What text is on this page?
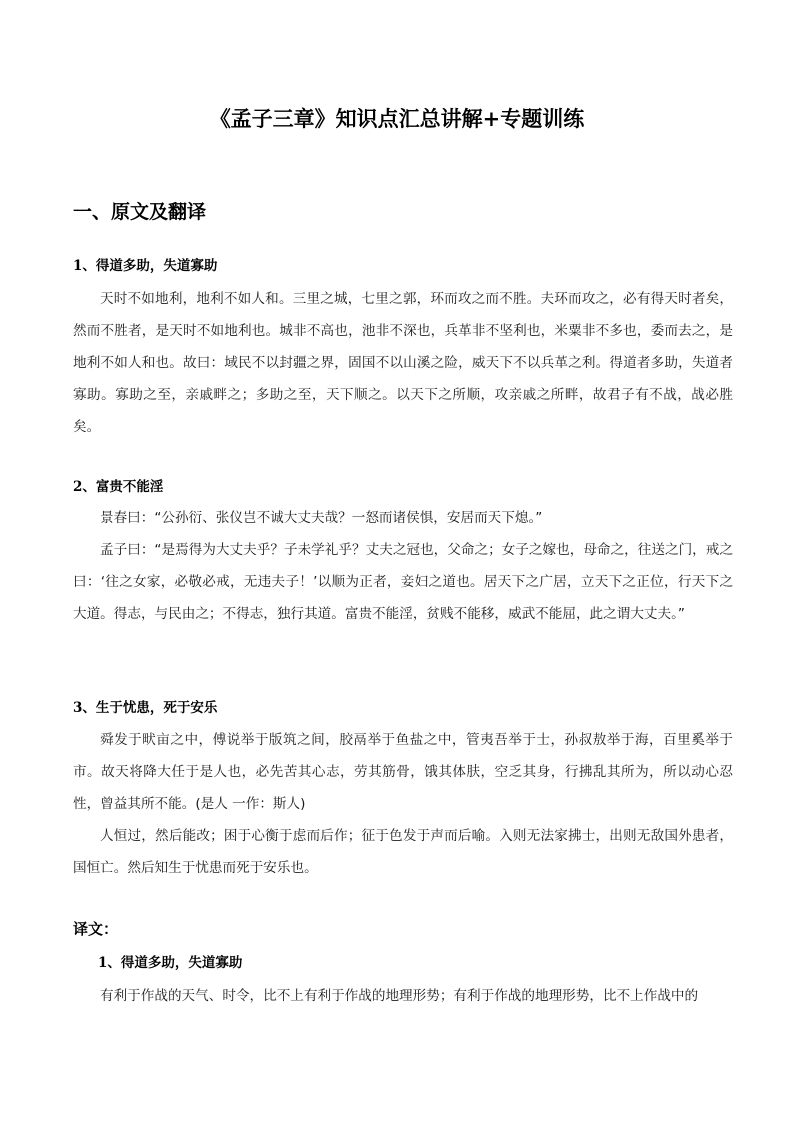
《孟子三章》知识点汇总讲解+专题训练
一、原文及翻译
1、得道多助，失道寡助
天时不如地利，地利不如人和。三里之城，七里之郭，环而攻之而不胜。夫环而攻之，必有得天时者矣，然而不胜者，是天时不如地利也。城非不高也，池非不深也，兵革非不坚利也，米粟非不多也，委而去之，是地利不如人和也。故曰：域民不以封疆之界，固国不以山溪之险，威天下不以兵革之利。得道者多助，失道者寡助。寡助之至，亲戚畔之；多助之至，天下顺之。以天下之所顺，攻亲戚之所畔，故君子有不战，战必胜矣。
2、富贵不能淫
景春曰：“公孙衍、张仪岂不诚大丈夫哉？一怒而诸侯惧，安居而天下熄。”
孟子曰：“是焉得为大丈夫乎？子未学礼乎？丈夫之冠也，父命之；女子之嫁也，母命之，往送之门，戒之曰：‘往之女家，必敬必戒，无违夫子！’以顺为正者，妾妇之道也。居天下之广居，立天下之正位，行天下之大道。得志，与民由之；不得志，独行其道。富贵不能淫，贫贱不能移，威武不能屈，此之谓大丈夫。”
3、生于忧患，死于安乐
舜发于畎亩之中，傅说举于版筑之间，胶鬲举于鱼盐之中，管夷吾举于士，孙叔敖举于海，百里奚举于市。故天将降大任于是人也，必先苦其心志，劳其筋骨，饿其体肤，空乏其身，行拂乱其所为，所以动心忍性，曾益其所不能。(是人 一作：斯人)
人恒过，然后能改；困于心衡于虑而后作；征于色发于声而后喻。入则无法家拂士，出则无敌国外患者，国恒亡。然后知生于忧患而死于安乐也。
译文：
1、得道多助，失道寡助
有利于作战的天气、时令，比不上有利于作战的地理形势；有利于作战的地理形势，比不上作战中的
